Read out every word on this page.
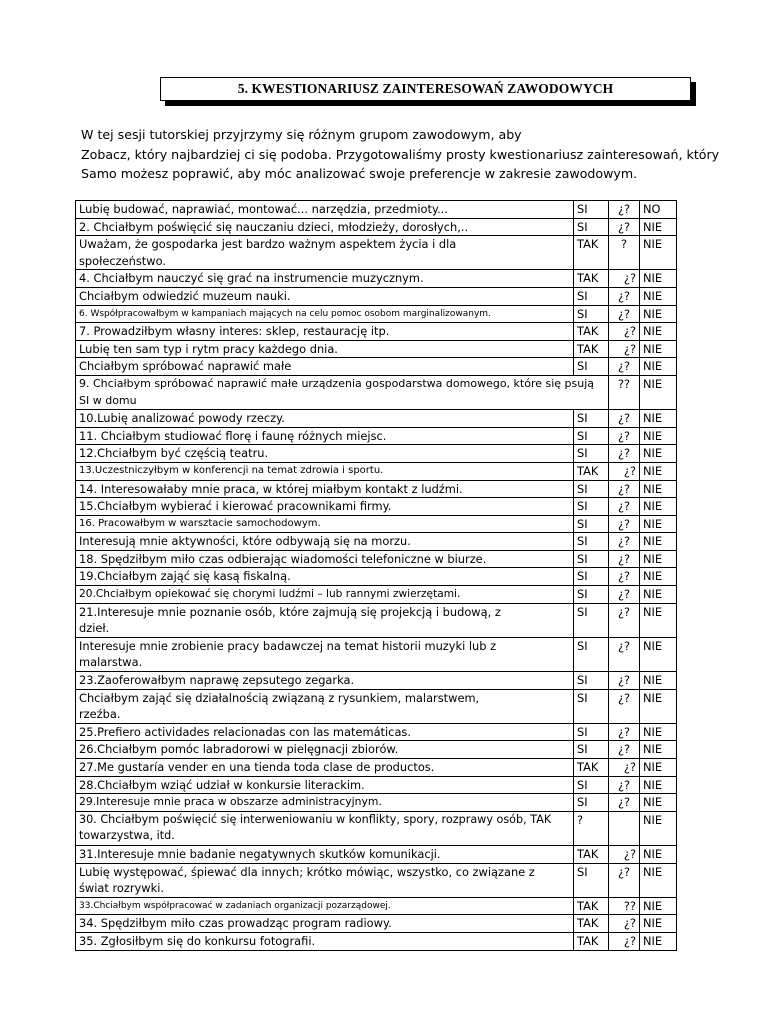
5. KWESTIONARIUSZ ZAINTERESOWAŃ ZAWODOWYCH

W tej sesji tutorskiej przyjrzymy się różnym grupom zawodowym, aby

Zobacz, który najbardziej ci się podoba. Przygotowaliśmy prosty kwestionariusz zainteresowań, który

Samo możesz poprawić, aby móc analizować swoje preferencje w zakresie zawodowym.

Lubię budować, naprawiać, montować... narzędzia, przedmioty...	SI	¿?	NO
2. Chciałbym poświęcić się nauczaniu dzieci, młodzieży, dorosłych,..	SI	¿?	NIE
Uważam, że gospodarka jest bardzo ważnym aspektem życia i dla społeczeństwo.	TAK	?	NIE
4. Chciałbym nauczyć się grać na instrumencie muzycznym.	TAK	¿?	NIE
Chciałbym odwiedzić muzeum nauki.	SI	¿?	NIE
6. Współpracowałbym w kampaniach mających na celu pomoc osobom marginalizowanym.	SI	¿?	NIE
7. Prowadziłbym własny interes: sklep, restaurację itp.	TAK	¿?	NIE
Lubię ten sam typ i rytm pracy każdego dnia.	TAK	¿?	NIE
Chciałbym spróbować naprawić małe	SI	¿?	NIE
9. Chciałbym spróbować naprawić małe urządzenia gospodarstwa domowego, które się psują SI w domu		??	NIE
10.Lubię analizować powody rzeczy.	SI	¿?	NIE
11. Chciałbym studiować florę i faunę różnych miejsc.	SI	¿?	NIE
12.Chciałbym być częścią teatru.	SI	¿?	NIE
13.Uczestniczyłbym w konferencji na temat zdrowia i sportu.	TAK	¿?	NIE
14. Interesowałaby mnie praca, w której miałbym kontakt z ludźmi.	SI	¿?	NIE
15.Chciałbym wybierać i kierować pracownikami firmy.	SI	¿?	NIE
16. Pracowałbym w warsztacie samochodowym.	SI	¿?	NIE
Interesują mnie aktywności, które odbywają się na morzu.	SI	¿?	NIE
18. Spędziłbym miło czas odbierając wiadomości telefoniczne w biurze.	SI	¿?	NIE
19.Chciałbym zająć się kasą fiskalną.	SI	¿?	NIE
20.Chciałbym opiekować się chorymi ludźmi – lub rannymi zwierzętami.	SI	¿?	NIE
21.Interesuje mnie poznanie osób, które zajmują się projekcją i budową, z dzieł.	SI	¿?	NIE
Interesuje mnie zrobienie pracy badawczej na temat historii muzyki lub z malarstwa.	SI	¿?	NIE
23.Zaoferowałbym naprawę zepsutego zegarka.	SI	¿?	NIE
Chciałbym zająć się działalnością związaną z rysunkiem, malarstwem, rzeźba.	SI	¿?	NIE
25.Prefiero actividades relacionadas con las matemáticas.	SI	¿?	NIE
26.Chciałbym pomóc labradorowi w pielęgnacji zbiorów.	SI	¿?	NIE
27.Me gustaría vender en una tienda toda clase de productos.	TAK	¿?	NIE
28.Chciałbym wziąć udział w konkursie literackim.	SI	¿?	NIE
29.Interesuje mnie praca w obszarze administracyjnym.	SI	¿?	NIE
30. Chciałbym poświęcić się interweniowaniu w konflikty, spory, rozprawy osób, TAK towarzystwa, itd.	?		NIE
31.Interesuje mnie badanie negatywnych skutków komunikacji.	TAK	¿?	NIE
Lubię występować, śpiewać dla innych; krótko mówiąc, wszystko, co związane z świat rozrywki.	SI	¿?	NIE
33.Chciałbym współpracować w zadaniach organizacji pozarządowej.	TAK	??	NIE
34. Spędziłbym miło czas prowadząc program radiowy.	TAK	¿?	NIE
35. Zgłosiłbym się do konkursu fotografii.	TAK	¿?	NIE
